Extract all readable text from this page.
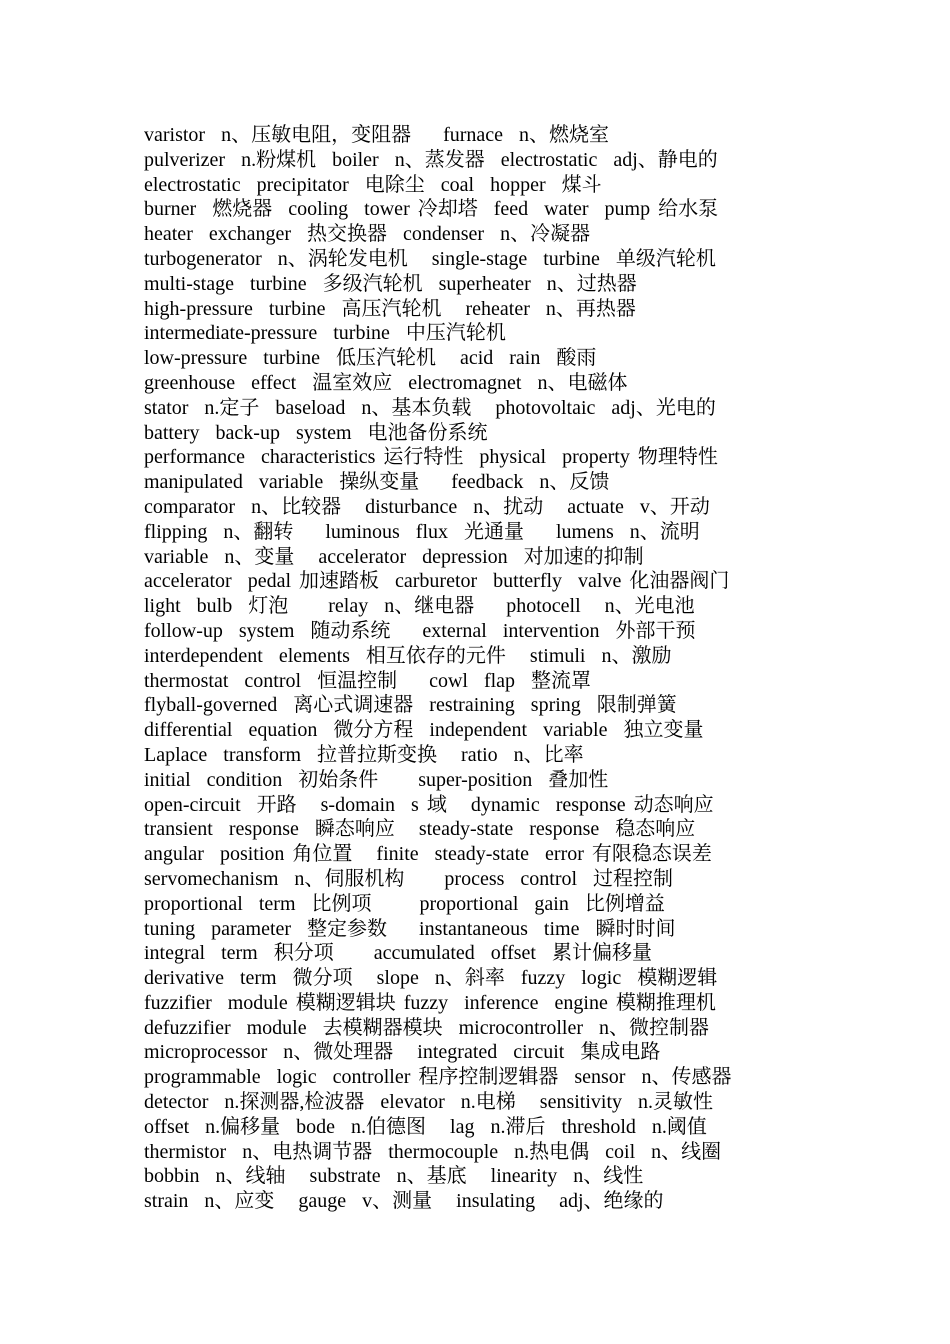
varistor  n、压敏电阻，变阻器    furnace  n、燃烧室
pulverizer  n.粉煤机  boiler  n、蒸发器  electrostatic  adj、静电的
electrostatic  precipitator  电除尘  coal  hopper  煤斗
burner  燃烧器  cooling  tower 冷却塔  feed  water  pump 给水泵
heater  exchanger  热交换器  condenser  n、冷凝器
turbogenerator  n、涡轮发电机   single-stage  turbine  单级汽轮机
multi-stage  turbine  多级汽轮机  superheater  n、过热器
high-pressure  turbine  高压汽轮机   reheater  n、再热器
intermediate-pressure  turbine  中压汽轮机
low-pressure  turbine  低压汽轮机   acid  rain  酸雨
greenhouse  effect  温室效应  electromagnet  n、电磁体
stator  n.定子  baseload  n、基本负载   photovoltaic  adj、光电的
battery  back-up  system  电池备份系统
performance  characteristics 运行特性  physical  property 物理特性
manipulated  variable  操纵变量    feedback  n、反馈
comparator  n、比较器   disturbance  n、扰动   actuate  v、开动
flipping  n、翻转    luminous  flux  光通量    lumens  n、流明
variable  n、变量   accelerator  depression  对加速的抑制
accelerator  pedal 加速踏板  carburetor  butterfly  valve 化油器阀门
light  bulb  灯泡     relay  n、继电器    photocell   n、光电池
follow-up  system  随动系统    external  intervention  外部干预
interdependent  elements  相互依存的元件   stimuli  n、激励
thermostat  control  恒温控制    cowl  flap  整流罩
flyball-governed  离心式调速器  restraining  spring  限制弹簧
differential  equation  微分方程  independent  variable  独立变量
Laplace  transform  拉普拉斯变换   ratio  n、比率
initial  condition  初始条件     super-position  叠加性
open-circuit  开路   s-domain  s 域   dynamic  response 动态响应
transient  response  瞬态响应   steady-state  response  稳态响应
angular  position 角位置   finite  steady-state  error 有限稳态误差
servomechanism  n、伺服机构     process  control  过程控制
proportional  term  比例项      proportional  gain  比例增益
tuning  parameter  整定参数    instantaneous  time  瞬时时间
integral  term  积分项     accumulated  offset  累计偏移量
derivative  term  微分项   slope  n、斜率  fuzzy  logic  模糊逻辑
fuzzifier  module 模糊逻辑块 fuzzy  inference  engine 模糊推理机
defuzzifier  module  去模糊器模块  microcontroller  n、微控制器
microprocessor  n、微处理器   integrated  circuit  集成电路
programmable  logic  controller 程序控制逻辑器  sensor  n、传感器
detector  n.探测器,检波器  elevator  n.电梯   sensitivity  n.灵敏性
offset  n.偏移量  bode  n.伯德图   lag  n.滞后  threshold  n.阈值
thermistor  n、电热调节器  thermocouple  n.热电偶  coil  n、线圈
bobbin  n、线轴   substrate  n、基底   linearity  n、线性
strain  n、应变   gauge  v、测量   insulating   adj、绝缘的
